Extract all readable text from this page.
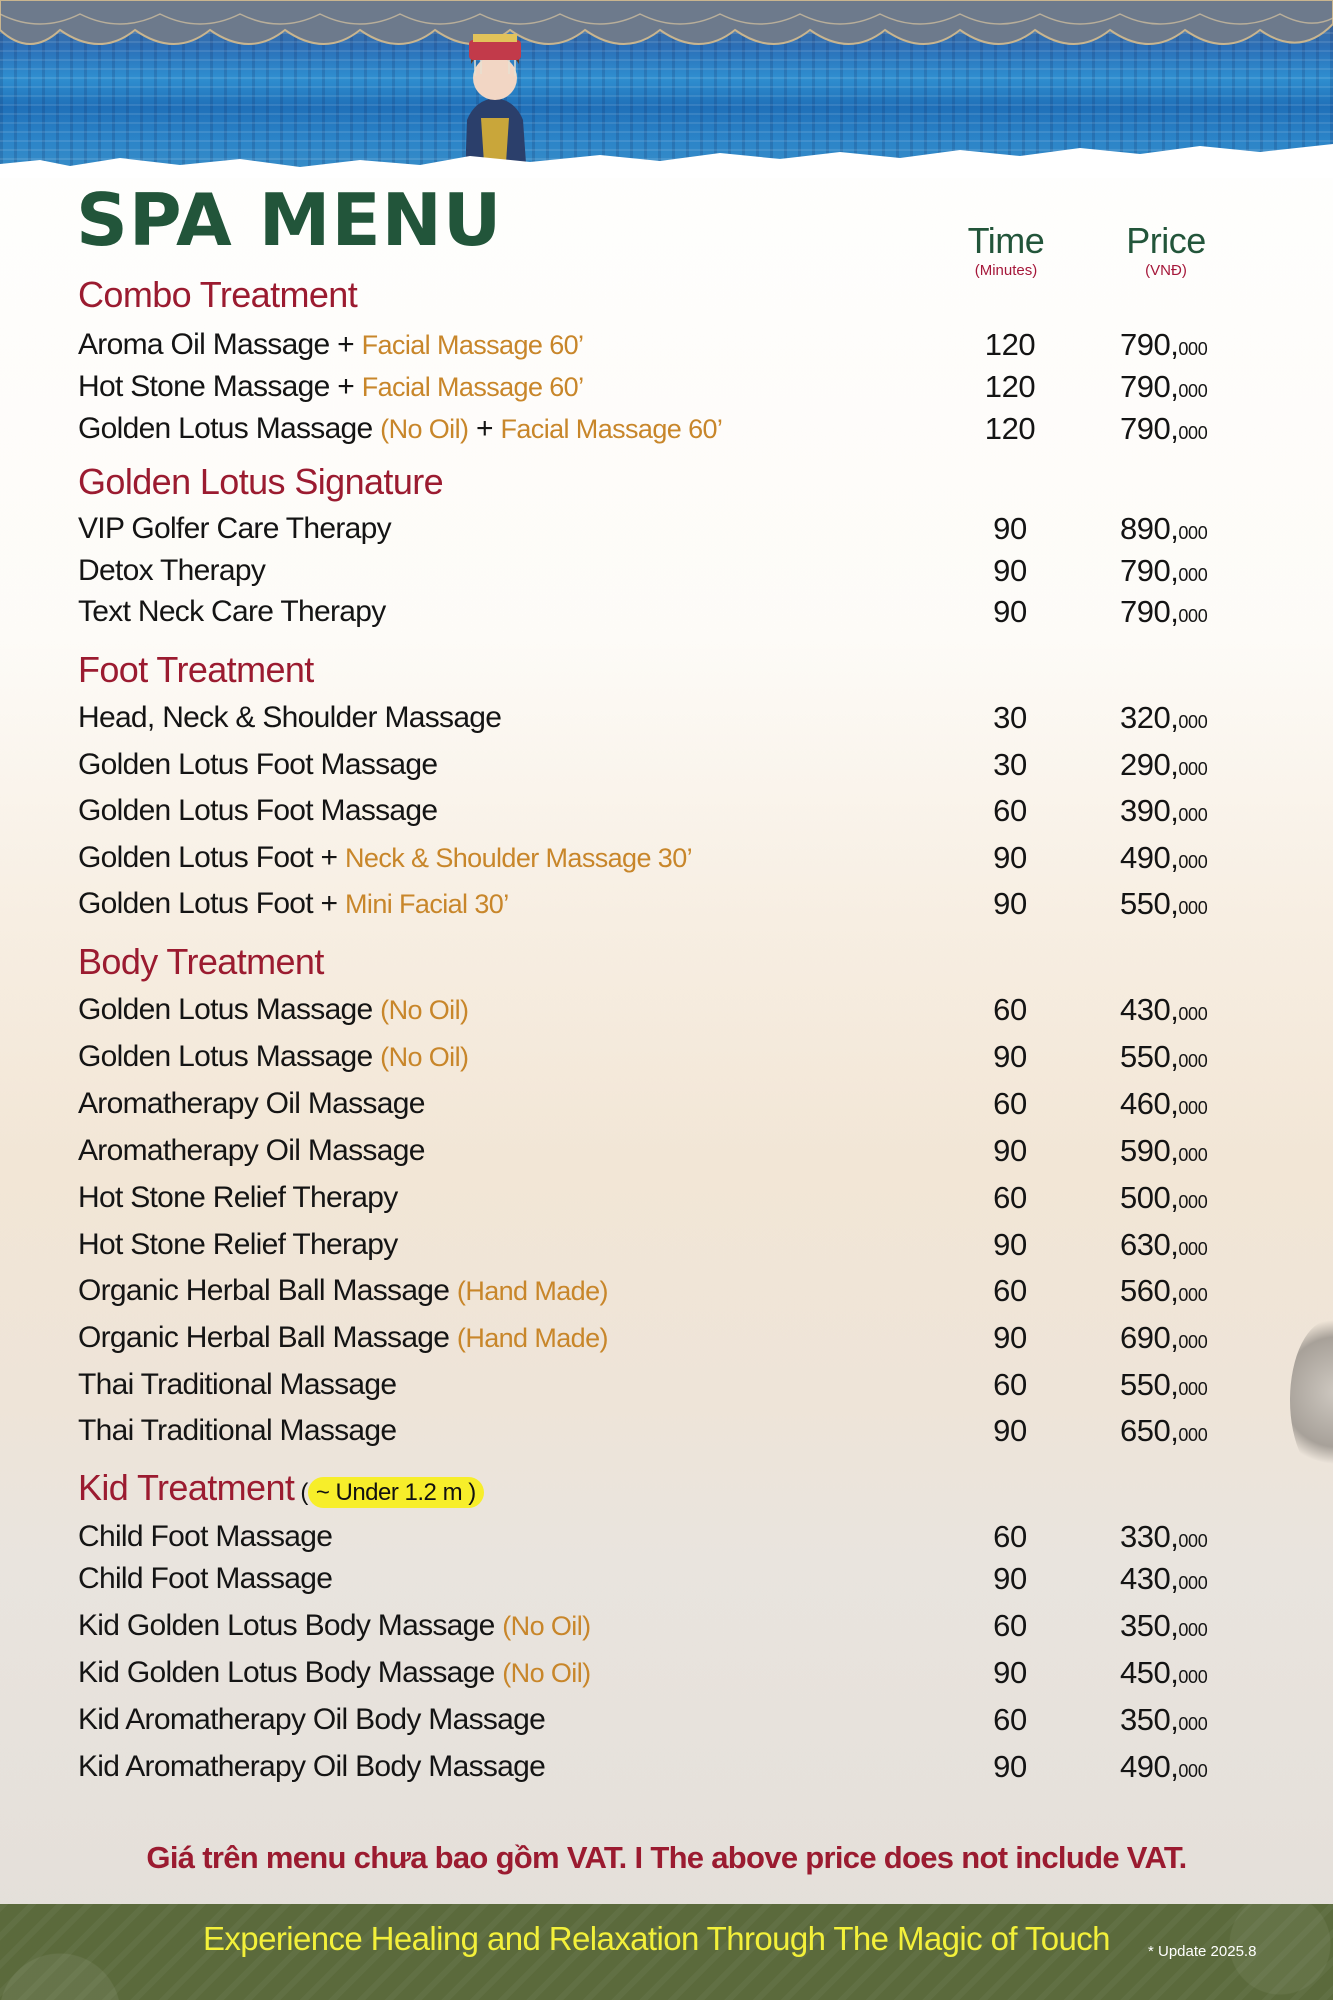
SPA MENU	Time
(Minutes)
Price
(VNĐ)
Combo Treatment
Aroma Oil Massage + Facial Massage 60’	120	790,000
Hot Stone Massage + Facial Massage 60’	120	790,000
Golden Lotus Massage (No Oil) + Facial Massage 60’	120	790,000
Golden Lotus Signature
VIP Golfer Care Therapy	90	890,000
Detox Therapy	90	790,000
Text Neck Care Therapy	90	790,000
Foot Treatment
Head, Neck & Shoulder Massage	30	320,000
Golden Lotus Foot Massage	30	290,000
Golden Lotus Foot Massage	60	390,000
Golden Lotus Foot + Neck & Shoulder Massage 30’	90	490,000
Golden Lotus Foot + Mini Facial 30’	90	550,000
Body Treatment
Golden Lotus Massage (No Oil)	60	430,000
Golden Lotus Massage (No Oil)	90	550,000
Aromatherapy Oil Massage	60	460,000
Aromatherapy Oil Massage	90	590,000
Hot Stone Relief Therapy	60	500,000
Hot Stone Relief Therapy	90	630,000
Organic Herbal Ball Massage (Hand Made)	60	560,000
Organic Herbal Ball Massage (Hand Made)	90	690,000
Thai Traditional Massage	60	550,000
Thai Traditional Massage	90	650,000
Kid Treatment ( ~ Under 1.2 m )
Child Foot Massage	60	330,000
Child Foot Massage	90	430,000
Kid Golden Lotus Body Massage (No Oil)	60	350,000
Kid Golden Lotus Body Massage (No Oil)	90	450,000
Kid Aromatherapy Oil Body Massage	60	350,000
Kid Aromatherapy Oil Body Massage	90	490,000
Giá trên menu chưa bao gồm VAT. I The above price does not include VAT.
Experience Healing and Relaxation Through The Magic of Touch	* Update 2025.8
